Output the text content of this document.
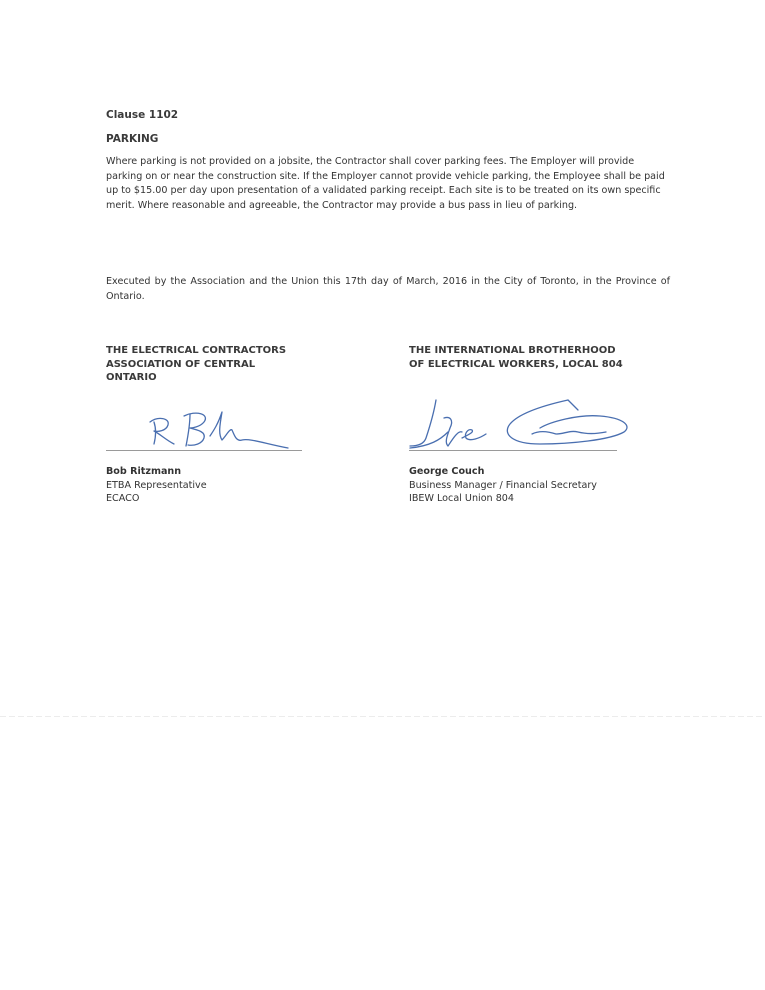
Clause 1102
PARKING
Where parking is not provided on a jobsite, the Contractor shall cover parking fees. The Employer will provide parking on or near the construction site. If the Employer cannot provide vehicle parking, the Employee shall be paid up to $15.00 per day upon presentation of a validated parking receipt. Each site is to be treated on its own specific merit. Where reasonable and agreeable, the Contractor may provide a bus pass in lieu of parking.
Executed by the Association and the Union this 17th day of March, 2016 in the City of Toronto, in the Province of Ontario.
THE ELECTRICAL CONTRACTORS
ASSOCIATION OF CENTRAL
ONTARIO
THE INTERNATIONAL BROTHERHOOD
OF ELECTRICAL WORKERS, LOCAL 804
Bob Ritzmann
ETBA Representative
ECACO
George Couch
Business Manager / Financial Secretary
IBEW Local Union 804
